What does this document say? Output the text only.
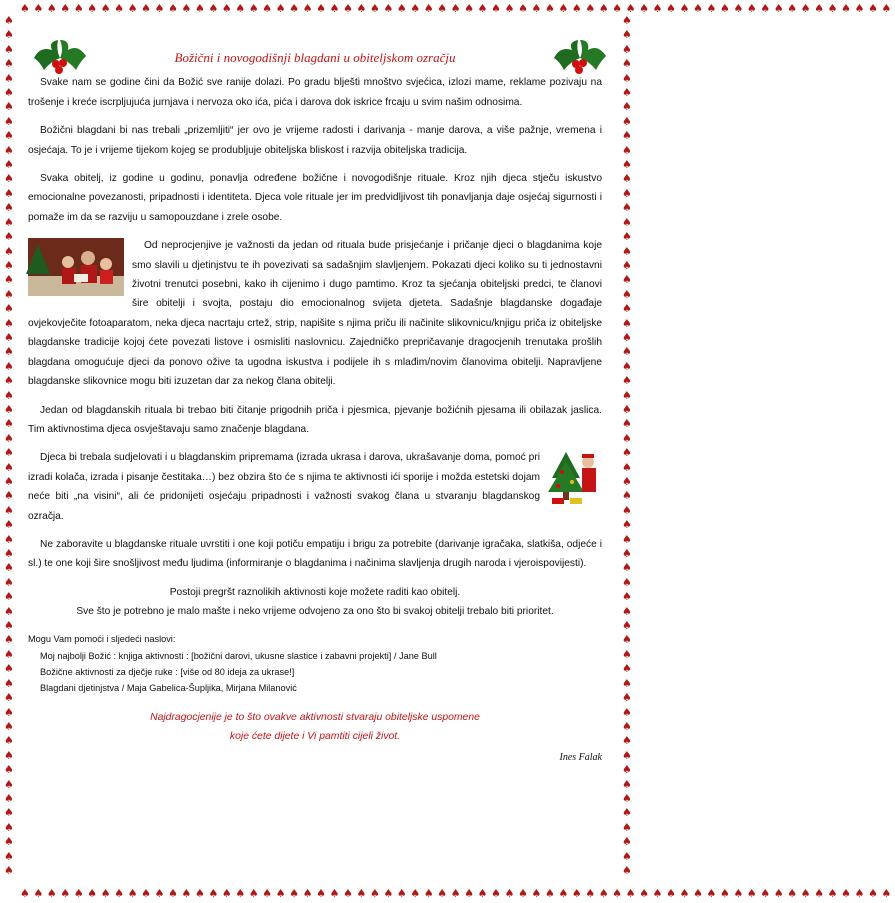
♠♠♠♠♠♠♠♠♠♠♠♠♠♠♠♠♠♠♠♠♠♠♠♠♠♠♠♠♠♠♠♠♠♠♠♠♠♠♠♠♠♠♠♠♠♠♠♠♠♠♠♠♠♠♠♠♠♠♠♠♠♠♠♠♠
♠♠♠♠♠♠♠♠♠♠♠♠♠♠♠♠♠♠♠♠♠♠♠♠♠♠♠♠♠♠♠♠♠♠♠♠♠♠♠♠♠♠♠♠♠♠♠♠♠♠♠♠♠♠♠♠♠♠♠♠♠♠♠♠♠
♠♠♠♠♠♠♠♠♠♠♠♠♠♠♠♠♠♠♠♠♠♠♠♠♠♠♠♠♠♠♠♠♠♠♠♠♠♠♠♠♠♠♠♠♠♠♠♠♠♠♠♠♠♠♠♠♠♠♠♠
♠♠♠♠♠♠♠♠♠♠♠♠♠♠♠♠♠♠♠♠♠♠♠♠♠♠♠♠♠♠♠♠♠♠♠♠♠♠♠♠♠♠♠♠♠♠♠♠♠♠♠♠♠♠♠♠♠♠♠♠
Božični i novogodišnji blagdani u obiteljskom ozračju

Svake nam se godine čini da Božić sve ranije dolazi. Po gradu blješti mnoštvo svjećica, izlozi mame, reklame pozivaju na trošenje i kreće iscrpljujuća jurnjava i nervoza oko ića, pića i darova dok iskrice frcaju u svim našim odnosima.

Božični blagdani bi nas trebali „prizemljiti“ jer ovo je vrijeme radosti i darivanja - manje darova, a više pažnje, vremena i osjećaja. To je i vrijeme tijekom kojeg se produbljuje obiteljska bliskost i razvija obiteljska tradicija.

Svaka obitelj, iz godine u godinu, ponavlja određene božične i novogodišnje rituale. Kroz njih djeca stječu iskustvo emocionalne povezanosti, pripadnosti i identiteta. Djeca vole rituale jer im predvidljivost tih ponavljanja daje osjećaj sigurnosti i pomaže im da se razviju u samopouzdane i zrele osobe.

Od neprocjenjive je važnosti da jedan od rituala bude prisjećanje i pričanje djeci o blagdanima koje smo slavili u djetinjstvu te ih povezivati sa sadašnjim slavljenjem. Pokazati djeci koliko su ti jednostavni životni trenutci posebni, kako ih cijenimo i dugo pamtimo. Kroz ta sjećanja obiteljski predci, te članovi šire obitelji i svojta, postaju dio emocionalnog svijeta djeteta. Sadašnje blagdanske događaje ovjekovječite fotoaparatom, neka djeca nacrtaju crtež, strip, napišite s njima priču ili načinite slikovnicu/knjigu priča iz obiteljske blagdanske tradicije kojoj ćete povezati listove i osmisliti naslovnicu. Zajedničko prepričavanje dragocjenih trenutaka prošlih blagdana omogućuje djeci da ponovo ožive ta ugodna iskustva i podijele ih s mlađim/novim članovima obitelji. Napravljene blagdanske slikovnice mogu biti izuzetan dar za nekog člana obitelji.

Jedan od blagdanskih rituala bi trebao biti čitanje prigodnih priča i pjesmica, pjevanje božićnih pjesama ili obilazak jaslica. Tim aktivnostima djeca osvještavaju samo značenje blagdana.

Djeca bi trebala sudjelovati i u blagdanskim pripremama (izrada ukrasa i darova, ukrašavanje doma, pomoć pri izradi kolača, izrada i pisanje čestitaka…) bez obzira što će s njima te aktivnosti ići sporije i možda estetski dojam neće biti „na visini“, ali će pridonijeti osjećaju pripadnosti i važnosti svakog člana u stvaranju blagdanskog ozračja.

Ne zaboravite u blagdanske rituale uvrstiti i one koji potiču empatiju i brigu za potrebite (darivanje igračaka, slatkiša, odjeće i sl.) te one koji šire snošljivost među ljudima (informiranje o blagdanima i načinima slavljenja drugih naroda i vjeroispovijesti).

Postoji pregršt raznolikih aktivnosti koje možete raditi kao obitelj.

Sve što je potrebno je malo mašte i neko vrijeme odvojeno za ono što bi svakoj obitelji trebalo biti prioritet.

Mogu Vam pomoći i sljedeći naslovi:

Moj najbolji Božić : knjiga aktivnosti : [božični darovi, ukusne slastice i zabavni projekti] / Jane Bull
Božične aktivnosti za dječje ruke : [više od 80 ideja za ukrase!]
Blagdani djetinjstva / Maja Gabelica-Šupljika, Mirjana Milanović
Najdragocjenije je to što ovakve aktivnosti stvaraju obiteljske uspomene
koje ćete dijete i Vi pamtiti cijeli život.
Ines Falak
